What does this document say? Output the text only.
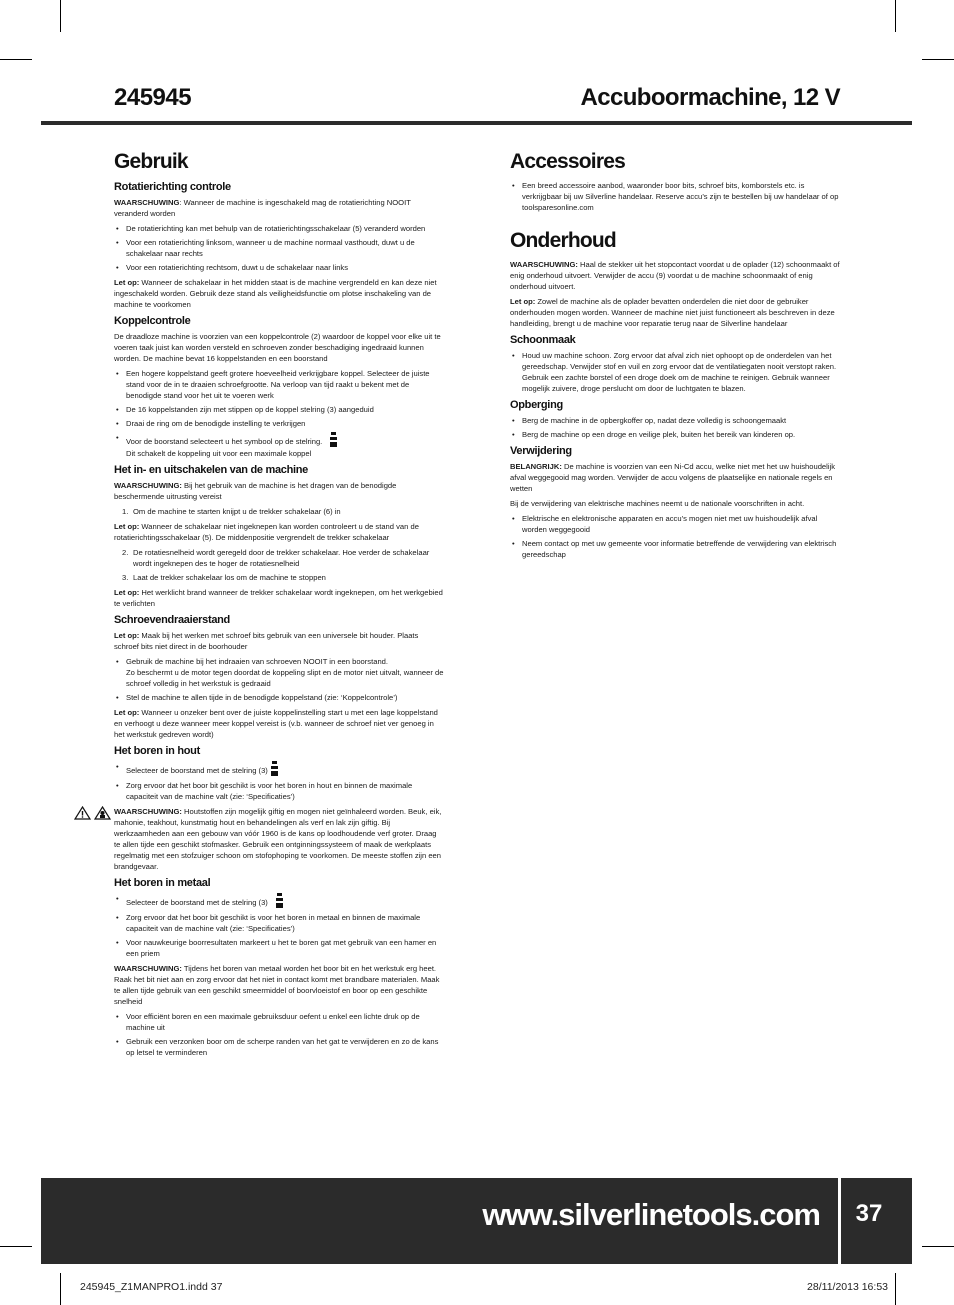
245945	Accuboormachine, 12 V
Gebruik
Rotatierichting controle

WAARSCHUWING: Wanneer de machine is ingeschakeld mag de rotatierichting NOOIT veranderd worden

• De rotatierichting kan met behulp van de rotatierichtingsschakelaar (5) veranderd worden
• Voor een rotatierichting linksom, wanneer u de machine normaal vasthoudt, duwt u de schakelaar naar rechts
• Voor een rotatierichting rechtsom, duwt u de schakelaar naar links

Let op: Wanneer de schakelaar in het midden staat is de machine vergrendeld en kan deze niet ingeschakeld worden. Gebruik deze stand als veiligheidsfunctie om plotse inschakeling van de machine te voorkomen

Koppelcontrole

De draadloze machine is voorzien van een koppelcontrole (2) waardoor de koppel voor elke uit te voeren taak juist kan worden versteld en schroeven zonder beschadiging ingedraaid kunnen worden. De machine bevat 16 koppelstanden en een boorstand

• Een hogere koppelstand geeft grotere hoeveelheid verkrijgbare koppel. Selecteer de juiste stand voor de in te draaien schroefgrootte. Na verloop van tijd raakt u bekent met de benodigde stand voor het uit te voeren werk
• De 16 koppelstanden zijn met stippen op de koppel stelring (3) aangeduid
• Draai de ring om de benodigde instelling te verkrijgen
• Voor de boorstand selecteert u het symbool op de stelring.
Dit schakelt de koppeling uit voor een maximale koppel
Het in- en uitschakelen van de machine

WAARSCHUWING: Bij het gebruik van de machine is het dragen van de benodigde beschermende uitrusting vereist

1. Om de machine te starten knijpt u de trekker schakelaar (6) in

Let op: Wanneer de schakelaar niet ingeknepen kan worden controleert u de stand van de rotatierichtingsschakelaar (5). De middenpositie vergrendelt de trekker schakelaar

2. De rotatiesnelheid wordt geregeld door de trekker schakelaar. Hoe verder de schakelaar wordt ingeknepen des te hoger de rotatiesnelheid
3. Laat de trekker schakelaar los om de machine te stoppen

Let op: Het werklicht brand wanneer de trekker schakelaar wordt ingeknepen, om het werkgebied te verlichten

Schroevendraaierstand

Let op: Maak bij het werken met schroef bits gebruik van een universele bit houder. Plaats schroef bits niet direct in de boorhouder

• Gebruik de machine bij het indraaien van schroeven NOOIT in een boorstand.
Zo beschermt u de motor tegen doordat de koppeling slipt en de motor niet uitvalt, wanneer de schroef volledig in het werkstuk is gedraaid
• Stel de machine te allen tijde in de benodigde koppelstand (zie: ‘Koppelcontrole’)

Let op: Wanneer u onzeker bent over de juiste koppelinstelling start u met een lage koppelstand en verhoogt u deze wanneer meer koppel vereist is (v.b. wanneer de schroef niet ver genoeg in het werkstuk gedreven wordt)

Het boren in hout
• Selecteer de boorstand met de stelring (3)
• Zorg ervoor dat het boor bit geschikt is voor het boren in hout en binnen de maximale capaciteit van de machine valt (zie: ‘Specificaties’)

WAARSCHUWING: Houtstoffen zijn mogelijk giftig en mogen niet geïnhaleerd worden. Beuk, eik, mahonie, teakhout, kunstmatig hout en behandelingen als verf en lak zijn giftig. Bij werkzaamheden aan een gebouw van vóór 1960 is de kans op loodhoudende verf groter. Draag te allen tijde een geschikt stofmasker. Gebruik een ontginningssysteem of maak de werkplaats regelmatig met een stofzuiger schoon om stofophoping te voorkomen. De meeste stoffen zijn een brandgevaar.

Het boren in metaal
• Selecteer de boorstand met de stelring (3)
• Zorg ervoor dat het boor bit geschikt is voor het boren in metaal en binnen de maximale capaciteit van de machine valt (zie: ‘Specificaties’)
• Voor nauwkeurige boorresultaten markeert u het te boren gat met gebruik van een hamer en een priem

WAARSCHUWING: Tijdens het boren van metaal worden het boor bit en het werkstuk erg heet. Raak het bit niet aan en zorg ervoor dat het niet in contact komt met brandbare materialen. Maak te allen tijde gebruik van een geschikt smeermiddel of boorvloeistof en boor op een geschikte snelheid

• Voor efficiënt boren en een maximale gebruiksduur oefent u enkel een lichte druk op de machine uit
• Gebruik een verzonken boor om de scherpe randen van het gat te verwijderen en zo de kans op letsel te verminderen
Accessoires
• Een breed accessoire aanbod, waaronder boor bits, schroef bits, komborstels etc. is verkrijgbaar bij uw Silverline handelaar. Reserve accu’s zijn te bestellen bij uw handelaar of op toolsparesonline.com
Onderhoud

WAARSCHUWING: Haal de stekker uit het stopcontact voordat u de oplader (12) schoonmaakt of enig onderhoud uitvoert. Verwijder de accu (9) voordat u de machine schoonmaakt of enig onderhoud uitvoert.

Let op: Zowel de machine als de oplader bevatten onderdelen die niet door de gebruiker onderhouden mogen worden. Wanneer de machine niet juist functioneert als beschreven in deze handleiding, brengt u de machine voor reparatie terug naar de Silverline handelaar

Schoonmaak
• Houd uw machine schoon. Zorg ervoor dat afval zich niet ophoopt op de onderdelen van het gereedschap. Verwijder stof en vuil en zorg ervoor dat de ventilatiegaten nooit verstopt raken. Gebruik een zachte borstel of een droge doek om de machine te reinigen. Gebruik wanneer mogelijk zuivere, droge perslucht om door de luchtgaten te blazen.
Opberging
• Berg de machine in de opbergkoffer op, nadat deze volledig is schoongemaakt
• Berg de machine op een droge en veilige plek, buiten het bereik van kinderen op.
Verwijdering

BELANGRIJK: De machine is voorzien van een Ni-Cd accu, welke niet met het uw huishoudelijk afval weggegooid mag worden. Verwijder de accu volgens de plaatselijke en nationale regels en wetten

Bij de verwijdering van elektrische machines neemt u de nationale voorschriften in acht.

• Elektrische en elektronische apparaten en accu’s mogen niet met uw huishoudelijk afval worden weggegooid
• Neem contact op met uw gemeente voor informatie betreffende de verwijdering van elektrisch gereedschap
www.silverlinetools.com	37
245945_Z1MANPRO1.indd 37	28/11/2013 16:53
